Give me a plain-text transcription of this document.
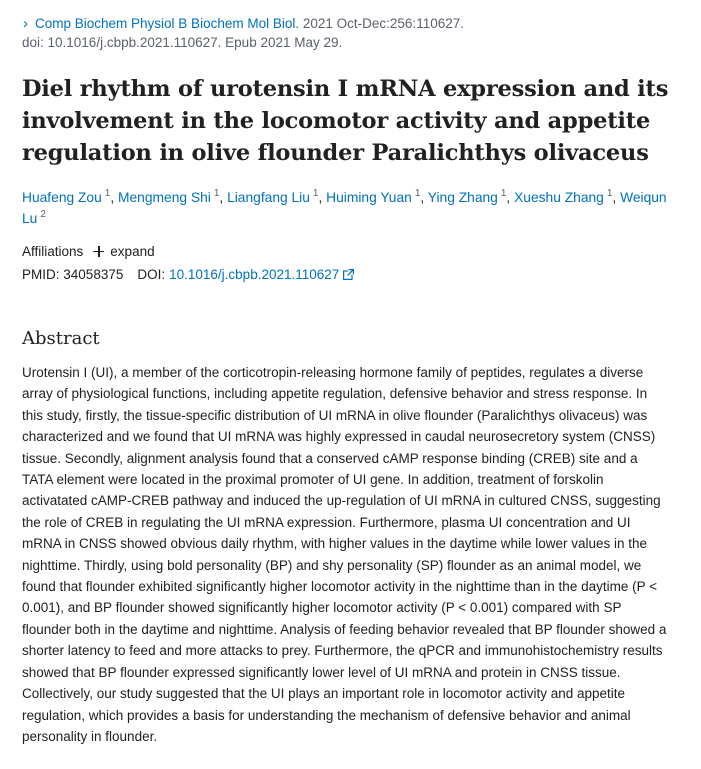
› Comp Biochem Physiol B Biochem Mol Biol. 2021 Oct-Dec:256:110627.
doi: 10.1016/j.cbpb.2021.110627. Epub 2021 May 29.
Diel rhythm of urotensin I mRNA expression and its involvement in the locomotor activity and appetite regulation in olive flounder Paralichthys olivaceus
Huafeng Zou $^1$, Mengmeng Shi $^1$, Liangfang Liu $^1$, Huiming Yuan $^1$, Ying Zhang $^1$, Xueshu Zhang $^1$, Weiqun Lu $^2$
Affiliations expand
PMID:
34058375 DOI: 10.1016/j.cbpb.2021.110627
Abstract
Urotensin I (UI), a member of the corticotropin-releasing hormone family of peptides, regulates a diverse array of physiological functions, including appetite regulation, defensive behavior and stress response. In this study, firstly, the tissue-specific distribution of UI mRNA in olive flounder (Paralichthys olivaceus) was characterized and we found that UI mRNA was highly expressed in caudal neurosecretory system (CNSS) tissue. Secondly, alignment analysis found that a conserved cAMP response binding (CREB) site and a TATA element were located in the proximal promoter of UI gene. In addition, treatment of forskolin activatated cAMP-CREB pathway and induced the up-regulation of UI mRNA in cultured CNSS, suggesting the role of CREB in regulating the UI mRNA expression. Furthermore, plasma UI concentration and UI mRNA in CNSS showed obvious daily rhythm, with higher values in the daytime while lower values in the nighttime. Thirdly, using bold personality (BP) and shy personality (SP) flounder as an animal model, we found that flounder exhibited significantly higher locomotor activity in the nighttime than in the daytime (P < 0.001), and BP flounder showed significantly higher locomotor activity (P < 0.001) compared with SP flounder both in the daytime and nighttime. Analysis of feeding behavior revealed that BP flounder showed a shorter latency to feed and more attacks to prey. Furthermore, the qPCR and immunohistochemistry results showed that BP flounder expressed significantly lower level of UI mRNA and protein in CNSS tissue. Collectively, our study suggested that the UI plays an important role in locomotor activity and appetite regulation, which provides a basis for understanding the mechanism of defensive behavior and animal personality in flounder.
